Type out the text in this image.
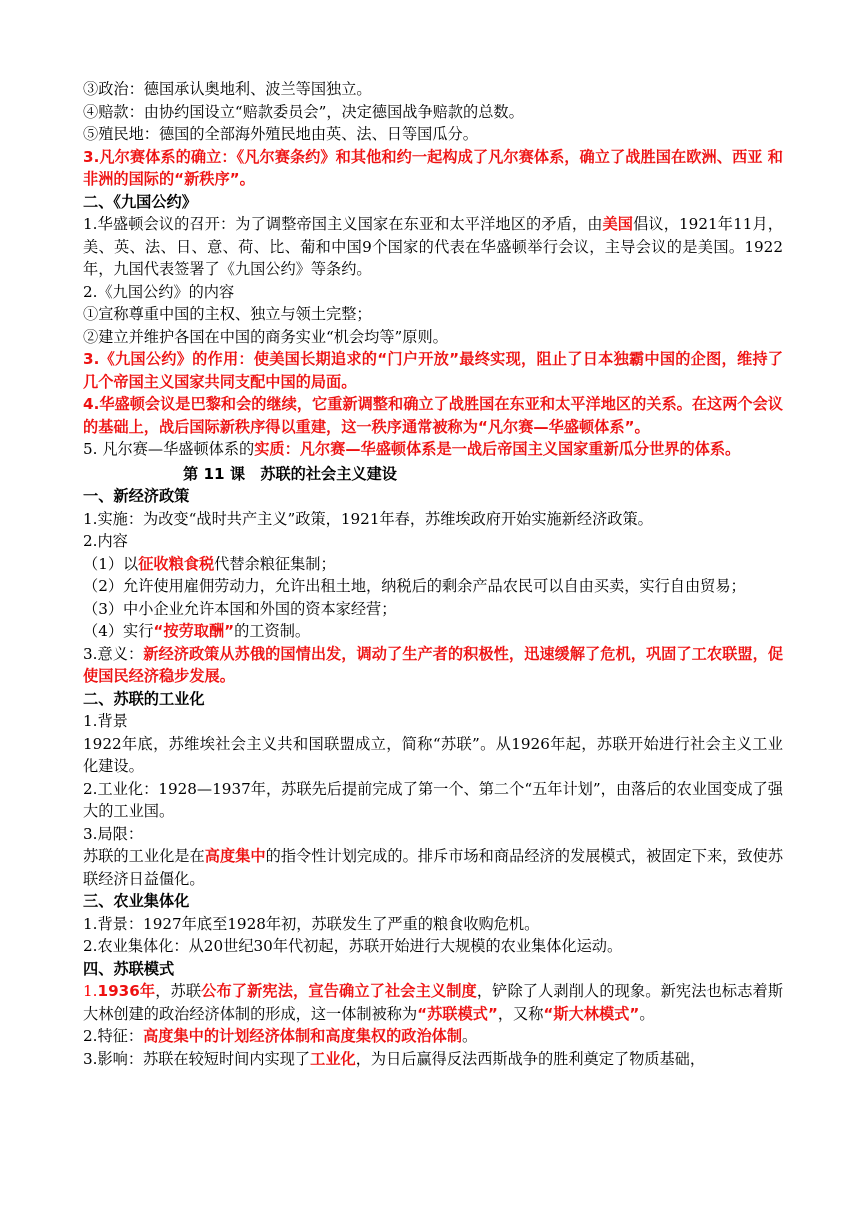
③政治：德国承认奥地利、波兰等国独立。
④赔款：由协约国设立“赔款委员会”，决定德国战争赔款的总数。
⑤殖民地：德国的全部海外殖民地由英、法、日等国瓜分。
3.凡尔赛体系的确立：《凡尔赛条约》和其他和约一起构成了凡尔赛体系，确立了战胜国在欧洲、西亚 和非洲的国际的“新秩序”。
二、《九国公约》
1.华盛顿会议的召开：为了调整帝国主义国家在东亚和太平洋地区的矛盾，由美国倡议，1921年11月，美、英、法、日、意、荷、比、葡和中国9个国家的代表在华盛顿举行会议，主导会议的是美国。1922年，九国代表签署了《九国公约》等条约。
2.《九国公约》的内容
①宣称尊重中国的主权、独立与领土完整；
②建立并维护各国在中国的商务实业“机会均等”原则。
3.《九国公约》的作用：使美国长期追求的“门户开放”最终实现，阻止了日本独霸中国的企图，维持了几个帝国主义国家共同支配中国的局面。
4.华盛顿会议是巴黎和会的继续，它重新调整和确立了战胜国在东亚和太平洋地区的关系。在这两个会议的基础上，战后国际新秩序得以重建，这一秩序通常被称为“凡尔赛—华盛顿体系”。
5. 凡尔赛—华盛顿体系的实质：凡尔赛—华盛顿体系是一战后帝国主义国家重新瓜分世界的体系。
第 11 课　苏联的社会主义建设
一、新经济政策
1.实施：为改变“战时共产主义”政策，1921年春，苏维埃政府开始实施新经济政策。
2.内容
（1）以征收粮食税代替余粮征集制；
（2）允许使用雇佣劳动力，允许出租土地，纳税后的剩余产品农民可以自由买卖，实行自由贸易；
（3）中小企业允许本国和外国的资本家经营；
（4）实行“按劳取酬”的工资制。
3.意义：新经济政策从苏俄的国情出发，调动了生产者的积极性，迅速缓解了危机，巩固了工农联盟，促使国民经济稳步发展。
二、苏联的工业化
1.背景
1922年底，苏维埃社会主义共和国联盟成立，简称“苏联”。从1926年起，苏联开始进行社会主义工业化建设。
2.工业化：1928—1937年，苏联先后提前完成了第一个、第二个“五年计划”，由落后的农业国变成了强大的工业国。
3.局限：
苏联的工业化是在高度集中的指令性计划完成的。排斥市场和商品经济的发展模式，被固定下来，致使苏联经济日益僵化。
三、农业集体化
1.背景：1927年底至1928年初，苏联发生了严重的粮食收购危机。
2.农业集体化：从20世纪30年代初起，苏联开始进行大规模的农业集体化运动。
四、苏联模式
1.1936年，苏联公布了新宪法，宣告确立了社会主义制度，铲除了人剥削人的现象。新宪法也标志着斯大林创建的政治经济体制的形成，这一体制被称为“苏联模式”，又称“斯大林模式”。
2.特征：高度集中的计划经济体制和高度集权的政治体制。
3.影响：苏联在较短时间内实现了工业化，为日后赢得反法西斯战争的胜利奠定了物质基础，
